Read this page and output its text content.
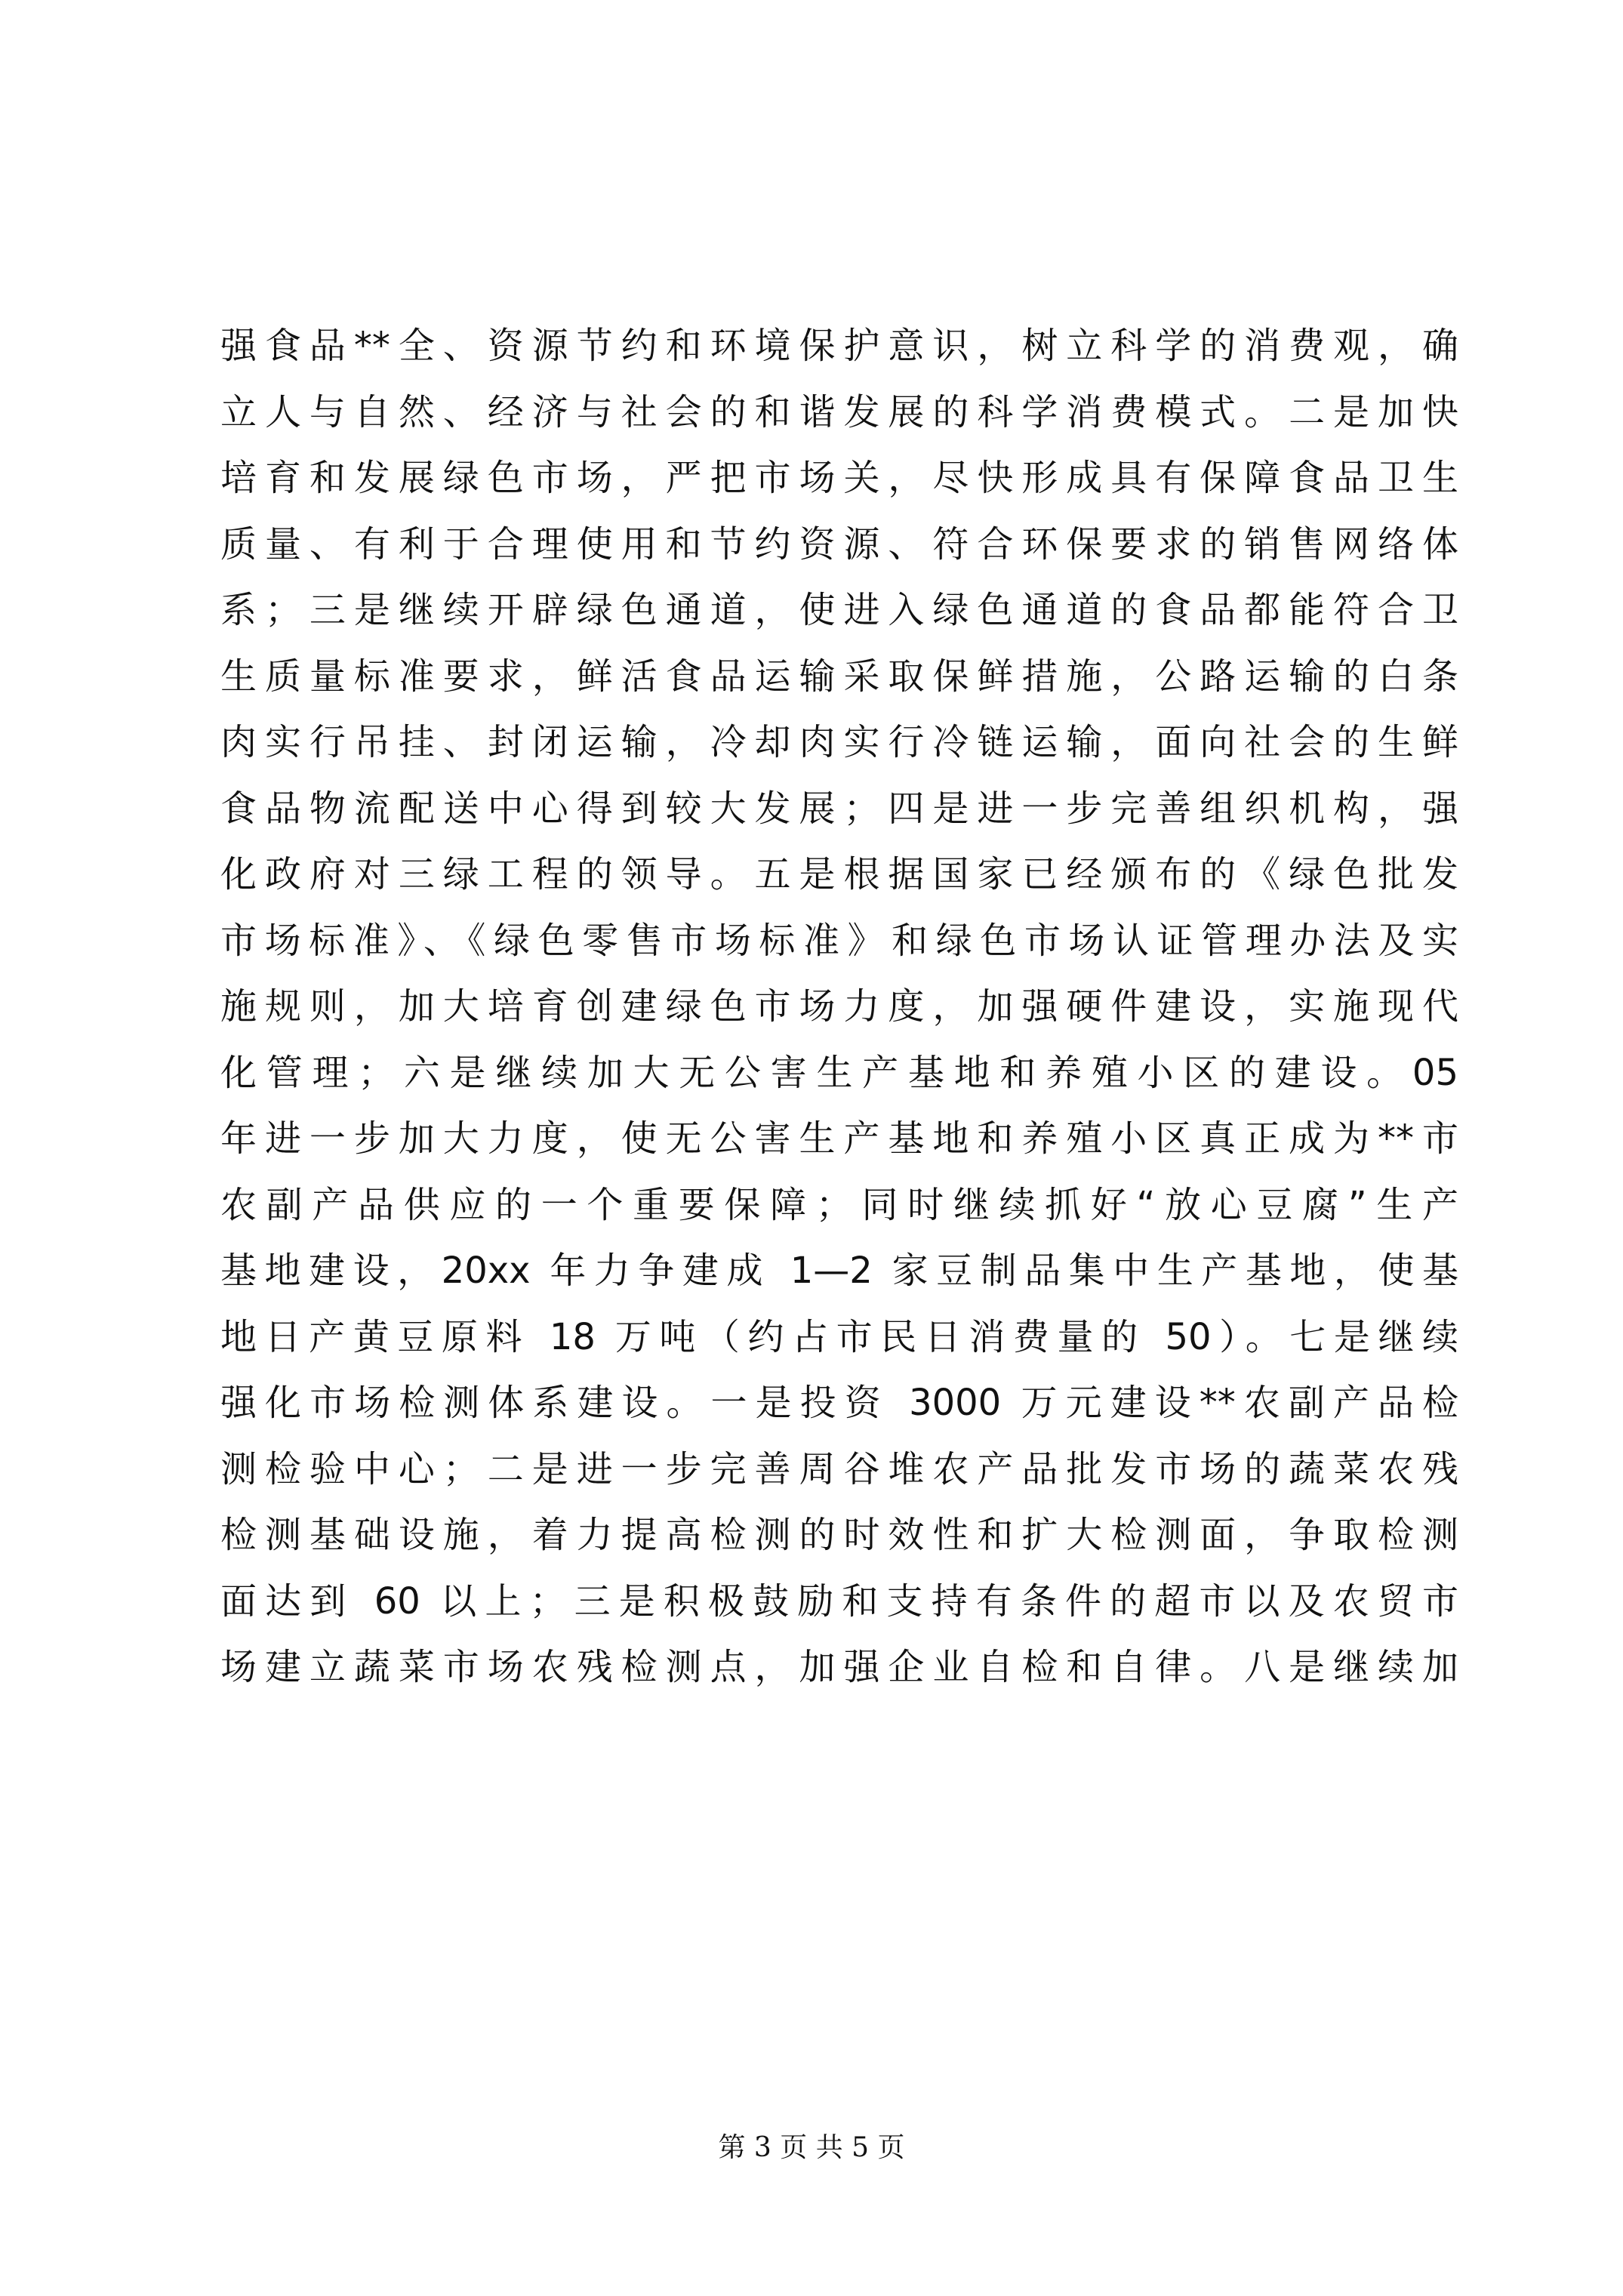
强食品**全、资源节约和环境保护意识，树立科学的消费观，确
立人与自然、经济与社会的和谐发展的科学消费模式。二是加快
培育和发展绿色市场，严把市场关，尽快形成具有保障食品卫生
质量、有利于合理使用和节约资源、符合环保要求的销售网络体
系；三是继续开辟绿色通道，使进入绿色通道的食品都能符合卫
生质量标准要求，鲜活食品运输采取保鲜措施，公路运输的白条
肉实行吊挂、封闭运输，冷却肉实行冷链运输，面向社会的生鲜
食品物流配送中心得到较大发展；四是进一步完善组织机构，强
化政府对三绿工程的领导。五是根据国家已经颁布的《绿色批发
市场标准》、《绿色零售市场标准》和绿色市场认证管理办法及实
施规则，加大培育创建绿色市场力度，加强硬件建设，实施现代
化管理；六是继续加大无公害生产基地和养殖小区的建设。05
年进一步加大力度，使无公害生产基地和养殖小区真正成为**市
农副产品供应的一个重要保障；同时继续抓好“放心豆腐”生产
基地建设，20xx 年力争建成 1—2 家豆制品集中生产基地，使基
地日产黄豆原料 18 万吨（约占市民日消费量的 50）。七是继续
强化市场检测体系建设。一是投资 3000 万元建设**农副产品检
测检验中心；二是进一步完善周谷堆农产品批发市场的蔬菜农残
检测基础设施，着力提高检测的时效性和扩大检测面，争取检测
面达到 60 以上；三是积极鼓励和支持有条件的超市以及农贸市
场建立蔬菜市场农残检测点，加强企业自检和自律。八是继续加
第 3 页 共 5 页
